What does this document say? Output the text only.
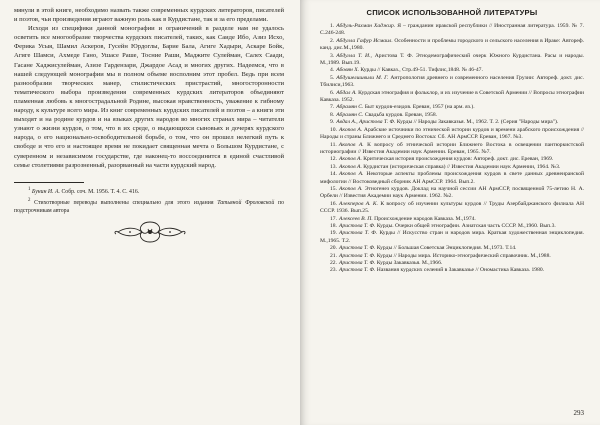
мянули в этой книге, необходимо назвать также современных курдских литераторов, писателей и поэтов, чьи произведения играют важную роль как в Курдистане, так и за его пределами.

Исходя из специфики данной монографии и ограничений в разделе нам не удалось осветить все многообразие творчества курдских писателей, таких, как Саиде Ибо, Азиз Исхо, Ферика Усыя, Шамил Аскеров, Гусейн Юрдоглы, Барие Бала, Агиге Хадыри, Аскаре Бойк, Агиге Шамси, Ахмеде Гано, Ушасе Раше, Тосние Раши, Маджите Сулейман, Салех Саади, Гасане Хаджисулейман, Азизе Гардензари, Джардое Асад и многих других. Надеемся, что в нашей следующей монографии мы в полном объеме восполним этот пробел. Ведь при всем разнообразии творческих манер, стилистических пристрастий, многосторонности тематического выбора произведения современных курдских литераторов объединяют пламенная любовь к многострадальной Родине, высокая нравственность, уважение к гибному народу, к культуре всего мира. Из книг современных курдских писателей и поэтов – а книги эти выходят и на родине курдов и на языках других народов во многих странах мира – читатели узнают о жизни курдов, о том, что в их среде, о выдающихся сыновьях и дочерях курдского народа, о его национально-освободительной борьбе, о том, что он прошел нелегкий путь к свободе и что его и настоящее время не покидает священная мечта о Большом Курдистане, с суверенном и независимом государстве, где наконец-то воссоединится в единой счастливой семье столетиями разрозненный, разорванный на части курдский народ.

$^1$ Бунин И. А. Собр. соч. М. 1956. Т. 4. С. 416.

$^2$ Стихотворные переводы выполнены специально для этого издания Татьяной Фроловской по подстрочникам автора

СПИСОК ИСПОЛЬЗОВАННОЙ ЛИТЕРАТУРЫ
1. Абдуль-Рахман Хаджир. Я – гражданин иракской республики // Иностранная литература. 1959. № 7. С.246-248.
2. Абдулла Гафур Исмаил. Особенности и проблемы городского и сельского населения в Ираке: Автореф. канд. дис.М.,1980.
3. Абдулла Т. И., Аристова Т. Ф. Этнодемографический очерк Южного Курдистана. Расы и народы. М.,1989. Вып.19.
4. Абовян Х. Курды // Кавказ., Стр.49-51. Тифлис,1848. № 46-47.
5. Абдушелишвили М. Г. Антропология древнего и современного населения Грузии: Автореф. докт. дис. Тбилиси,1963.
6. Абдал А. Курдская этнография и фольклор, и их изучение в Советской Армении // Вопросы этнографии Кавказа. 1952.
7. Абрамян С. Быт курдов-езидов. Ереван, 1957 (на арм. яз.).
8. Абрамян С. Свадьба курдов. Ереван, 1958.
9. Авдал А., Аристова Т. Ф. Курды // Народы Закавказья. М., 1962. Т. 2. (Серия "Народы мира").
10. Акопов А. Арабские источники по этнической истории курдов и времени арабского происхождения // Народы и страны Ближнего и Среднего Востока: Сб. АН АрмССР. Ереван, 1967. №3.
11. Акопов А. К вопросу об этнической истории Ближнего Востока в освещении пантюркистской историографии // Известия Академии наук Армении. Ереван, 1965. №7.
12. Акопов А. Критическая история происхождения курдов: Автореф. докт. дис. Ереван, 1969.
13. Акопов А. Курдистан (историческая справка) // Известия Академии наук Армении, 1964. №3.
14. Акопов А. Некоторые аспекты проблемы происхождения курдов в свете данных древнеиранской мифологии // Востоковедный сборник АН АрмССР. 1964. Вып.2.
15. Акопов А. Этногенез курдов. Доклад на научной сессии АН АрмССР, посвященной 75-летию Н. А. Орбели // Известия Академии наук Армении. 1962. №2.
16. Алекперов А. К. К вопросу об изучении культуры курдов // Труды Азербайджанского филиала АН СССР. 1936. Вып.25.
17. Алексеев В. П. Происхождение народов Кавказа. М.,1974.
18. Аристова Т. Ф. Курды. Очерки общей этнографии. Азиатская часть СССР. М.,1960. Вып.3.
19. Аристова Т. Ф. Курды // Искусство стран и народов мира. Краткая художественная энциклопедия. М.,1965. Т.2.
20. Аристова Т. Ф. Курды // Большая Советская Энциклопедия. М.,1973. Т.14.
21. Аристова Т. Ф. Курды // Народы мира. Историко-этнографический справочник. М.,1988.
22. Аристова Т. Ф. Курды Закавказья. М.,1966.
23. Аристова Т. Ф. Названия курдских селений в Закавказье // Ономастика Кавказа. 1980.
293
